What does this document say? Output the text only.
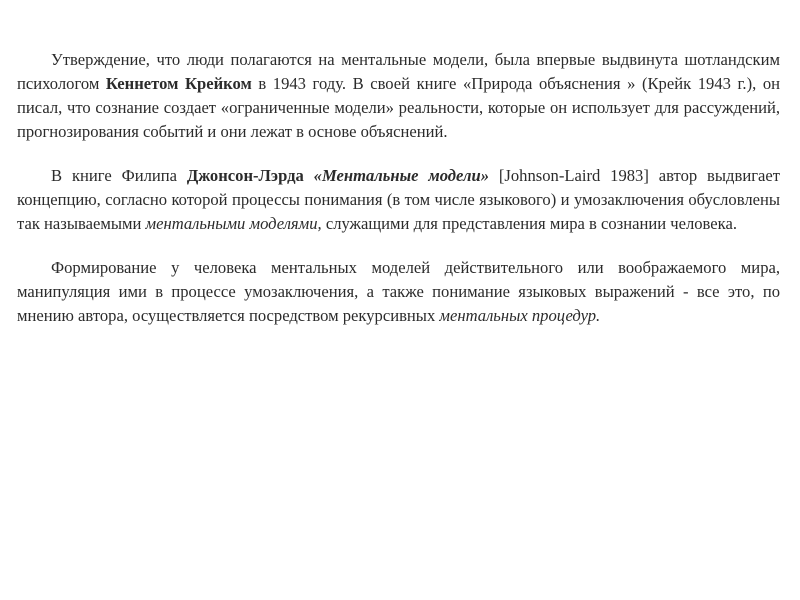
Утверждение, что люди полагаются на ментальные модели, была впервые выдвинута шотландским психологом Кеннетом Крейком в 1943 году. В своей книге «Природа объяснения » (Крейк 1943 г.), он писал, что сознание создает «ограниченные модели» реальности, которые он использует для рассуждений, прогнозирования событий и они лежат в основе объяснений.

В книге Филипа Джонсон-Лэрда «Ментальные модели» [Johnson-Laird 1983] автор выдвигает концепцию, согласно которой процессы понимания (в том числе языкового) и умозаключения обусловлены так называемыми ментальными моделями, служащими для представления мира в сознании человека.

Формирование у человека ментальных моделей действительного или воображаемого мира, манипуляция ими в процессе умозаключения, а также понимание языковых выражений - все это, по мнению автора, осуществляется посредством рекурсивных ментальных процедур.
